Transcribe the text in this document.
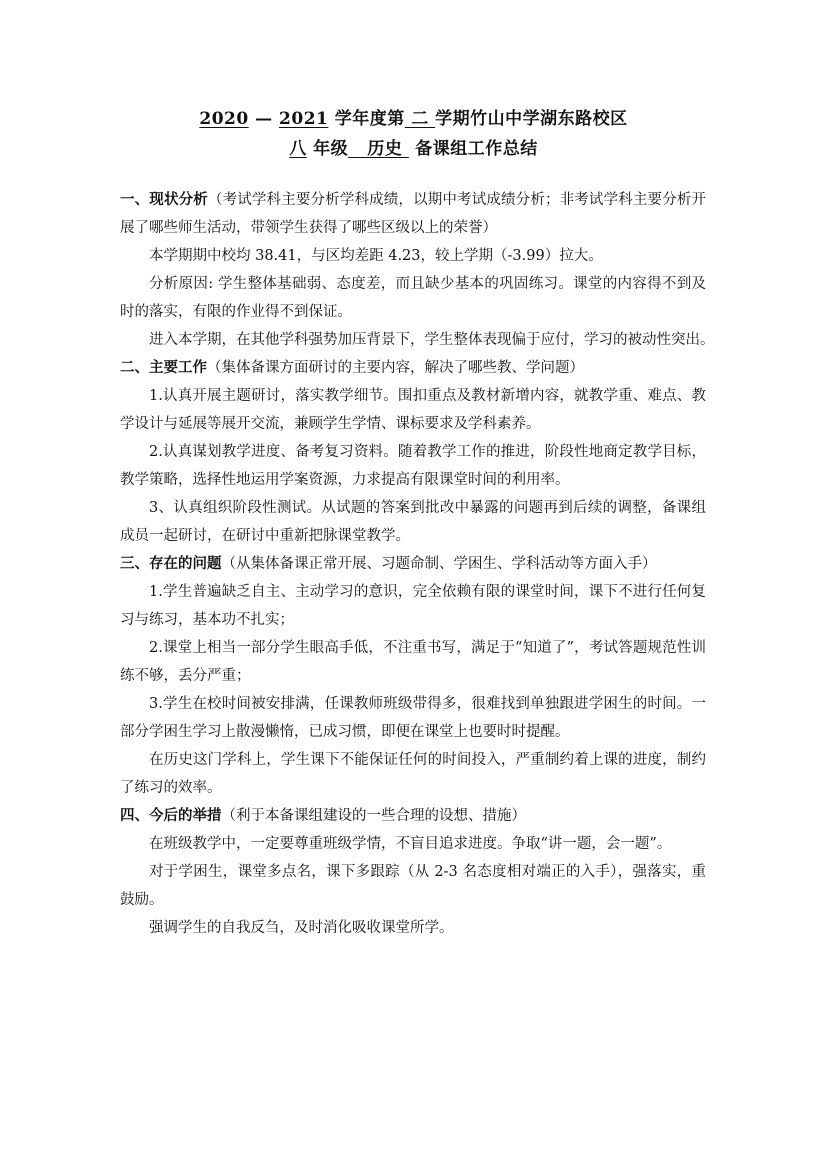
2020 — 2021 学年度第 二 学期竹山中学湖东路校区
八 年级   历史  备课组工作总结

一、现状分析（考试学科主要分析学科成绩，以期中考试成绩分析；非考试学科主要分析开展了哪些师生活动，带领学生获得了哪些区级以上的荣誉）

本学期期中校均 38.41，与区均差距 4.23，较上学期（-3.99）拉大。

分析原因: 学生整体基础弱、态度差，而且缺少基本的巩固练习。课堂的内容得不到及时的落实，有限的作业得不到保证。

进入本学期，在其他学科强势加压背景下，学生整体表现偏于应付，学习的被动性突出。

二、主要工作（集体备课方面研讨的主要内容，解决了哪些教、学问题）

1.认真开展主题研讨，落实教学细节。围扣重点及教材新增内容，就教学重、难点、教学设计与延展等展开交流，兼顾学生学情、课标要求及学科素养。

2.认真谋划教学进度、备考复习资料。随着教学工作的推进，阶段性地商定教学目标，教学策略，选择性地运用学案资源，力求提高有限课堂时间的利用率。

3、认真组织阶段性测试。从试题的答案到批改中暴露的问题再到后续的调整，备课组成员一起研讨，在研讨中重新把脉课堂教学。

三、存在的问题（从集体备课正常开展、习题命制、学困生、学科活动等方面入手）

1.学生普遍缺乏自主、主动学习的意识，完全依赖有限的课堂时间，课下不进行任何复习与练习，基本功不扎实；

2.课堂上相当一部分学生眼高手低，不注重书写，满足于“知道了”，考试答题规范性训练不够，丢分严重；

3.学生在校时间被安排满，任课教师班级带得多，很难找到单独跟进学困生的时间。一部分学困生学习上散漫懒惰，已成习惯，即便在课堂上也要时时提醒。

在历史这门学科上，学生课下不能保证任何的时间投入，严重制约着上课的进度，制约了练习的效率。

四、今后的举措（利于本备课组建设的一些合理的设想、措施）

在班级教学中，一定要尊重班级学情，不盲目追求进度。争取“讲一题，会一题”。

对于学困生，课堂多点名，课下多跟踪（从 2-3 名态度相对端正的入手），强落实，重鼓励。

强调学生的自我反刍，及时消化吸收课堂所学。
